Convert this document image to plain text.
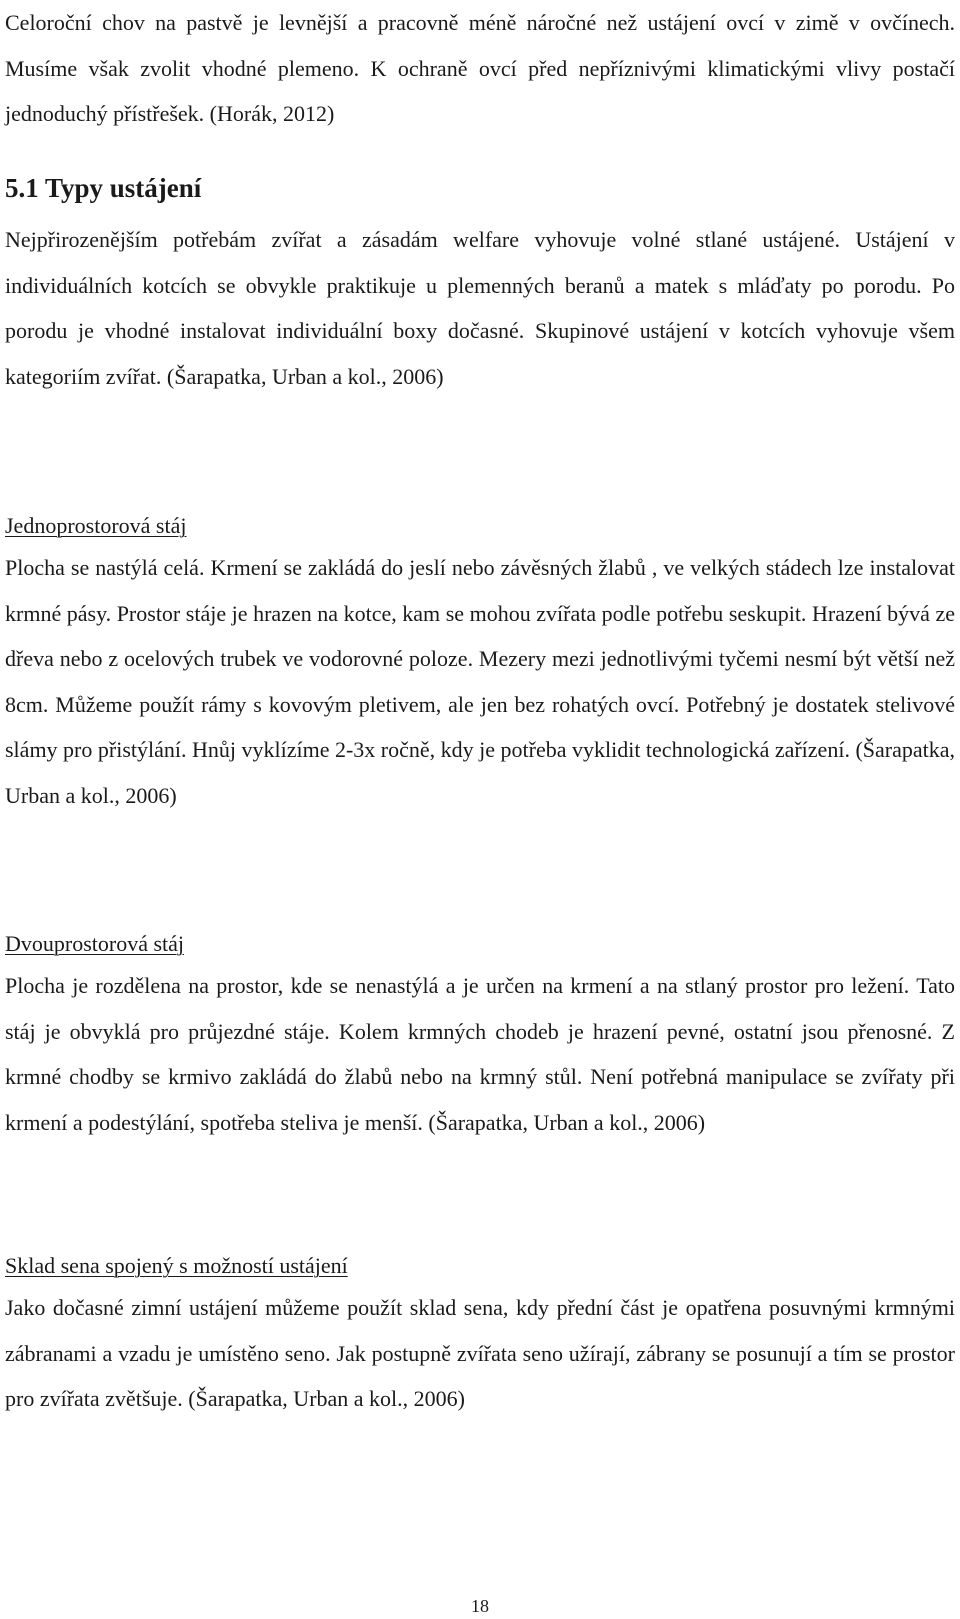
Celoroční chov na pastvě je levnější a pracovně méně náročné než ustájení ovcí v zimě v ovčínech. Musíme však zvolit vhodné plemeno. K ochraně ovcí před nepříznivými klimatickými vlivy postačí jednoduchý přístřešek. (Horák, 2012)

5.1 Typy ustájení

Nejpřirozenějším potřebám zvířat a zásadám welfare vyhovuje volné stlané ustájené. Ustájení v individuálních kotcích se obvykle praktikuje u plemenných beranů a matek s mláďaty po porodu. Po porodu je vhodné instalovat individuální boxy dočasné. Skupinové ustájení v kotcích vyhovuje všem kategoriím zvířat. (Šarapatka, Urban a kol., 2006)

Jednoprostorová stáj

Plocha se nastýlá celá. Krmení se zakládá do jeslí nebo závěsných žlabů , ve velkých stádech lze instalovat krmné pásy. Prostor stáje je hrazen na kotce, kam se mohou zvířata podle potřebu seskupit. Hrazení bývá ze dřeva nebo z ocelových trubek ve vodorovné poloze. Mezery mezi jednotlivými tyčemi nesmí být větší než 8cm. Můžeme použít rámy s kovovým pletivem, ale jen bez rohatých ovcí. Potřebný je dostatek stelivové slámy pro přistýlání. Hnůj vyklízíme 2-3x ročně, kdy je potřeba vyklidit technologická zařízení. (Šarapatka, Urban a kol., 2006)

Dvouprostorová stáj

Plocha je rozdělena na prostor, kde se nenastýlá a je určen na krmení a na stlaný prostor pro ležení. Tato stáj je obvyklá pro průjezdné stáje. Kolem krmných chodeb je hrazení pevné, ostatní jsou přenosné. Z krmné chodby se krmivo zakládá do žlabů nebo na krmný stůl. Není potřebná manipulace se zvířaty při krmení a podestýlání, spotřeba steliva je menší. (Šarapatka, Urban a kol., 2006)

Sklad sena spojený s možností ustájení

Jako dočasné zimní ustájení můžeme použít sklad sena, kdy přední část je opatřena posuvnými krmnými zábranami a vzadu je umístěno seno. Jak postupně zvířata seno užírají, zábrany se posunují a tím se prostor pro zvířata zvětšuje. (Šarapatka, Urban a kol., 2006)

18
